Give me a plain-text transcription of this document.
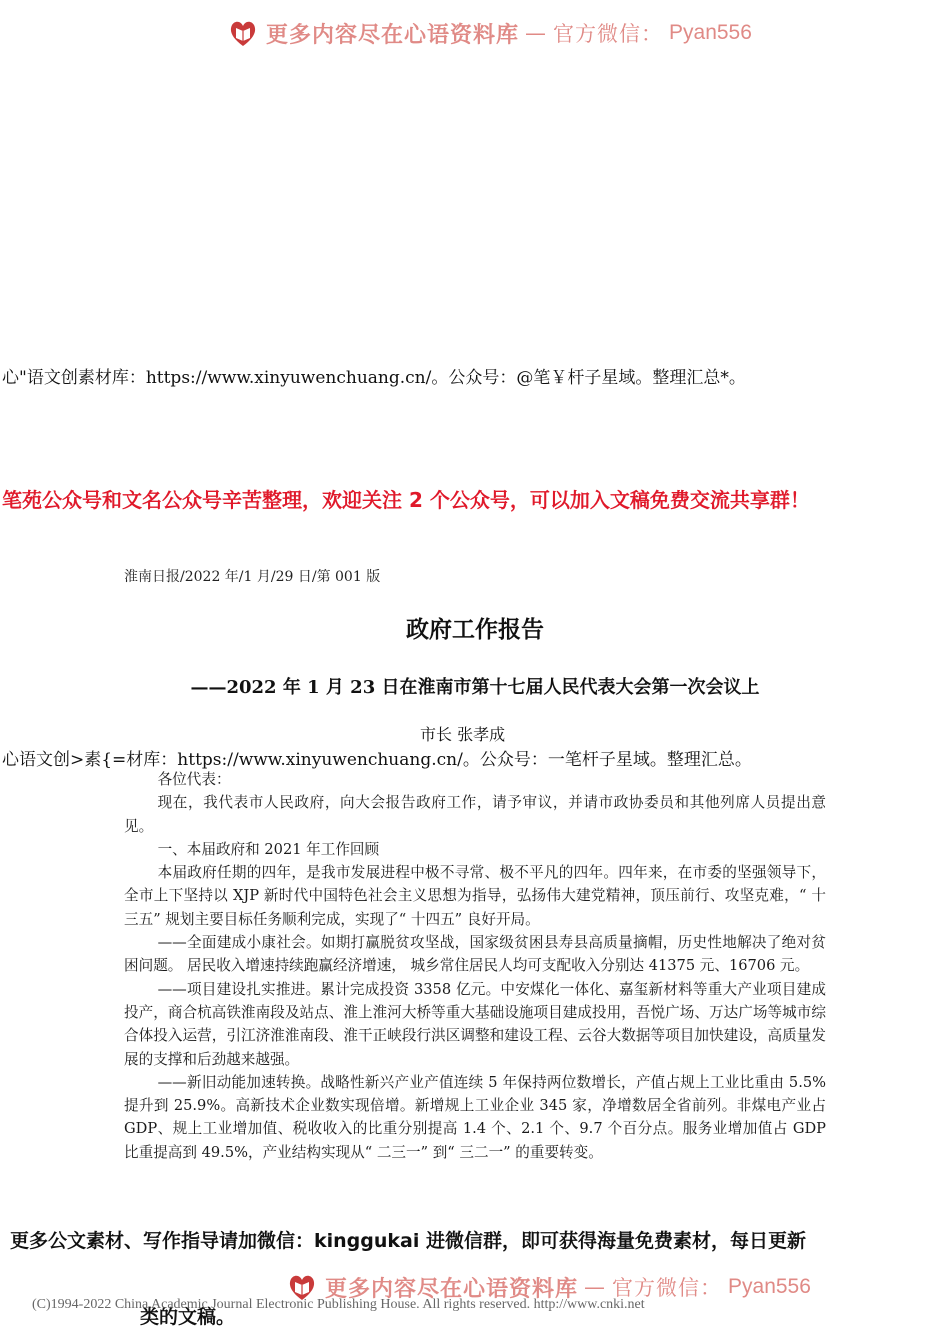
更多内容尽在心语资料库 — 官方微信： Pyan556
心"语文创素材库：https://www.xinyuwenchuang.cn/。公众号：@笔￥杆子星域。整理汇总*。
笔苑公众号和文名公众号辛苦整理，欢迎关注 2 个公众号，可以加入文稿免费交流共享群！
淮南日报/2022 年/1 月/29 日/第 001 版
政府工作报告
——2022 年 1 月 23 日在淮南市第十七届人民代表大会第一次会议上
市长 张孝成
心语文创>素{=材库：https://www.xinyuwenchuang.cn/。公众号：一笔杆子星域。整理汇总。

各位代表：

现在，我代表市人民政府，向大会报告政府工作，请予审议，并请市政协委员和其他列席人员提出意见。

一、本届政府和 2021 年工作回顾

本届政府任期的四年，是我市发展进程中极不寻常、极不平凡的四年。四年来，在市委的坚强领导下，全市上下坚持以 XJP 新时代中国特色社会主义思想为指导，弘扬伟大建党精神，顶压前行、攻坚克难，“ 十三五” 规划主要目标任务顺利完成，实现了“ 十四五” 良好开局。

——全面建成小康社会。如期打赢脱贫攻坚战，国家级贫困县寿县高质量摘帽，历史性地解决了绝对贫困问题。 居民收入增速持续跑赢经济增速， 城乡常住居民人均可支配收入分别达 41375 元、16706 元。

——项目建设扎实推进。累计完成投资 3358 亿元。中安煤化一体化、嘉玺新材料等重大产业项目建成投产，商合杭高铁淮南段及站点、淮上淮河大桥等重大基础设施项目建成投用，吾悦广场、万达广场等城市综合体投入运营，引江济淮淮南段、淮干正峡段行洪区调整和建设工程、云谷大数据等项目加快建设，高质量发展的支撑和后劲越来越强。

——新旧动能加速转换。战略性新兴产业产值连续 5 年保持两位数增长，产值占规上工业比重由 5.5%提升到 25.9%。高新技术企业数实现倍增。新增规上工业企业 345 家，净增数居全省前列。非煤电产业占 GDP、规上工业增加值、税收收入的比重分别提高 1.4 个、2.1 个、9.7 个百分点。服务业增加值占 GDP 比重提高到 49.5%，产业结构实现从“ 二三一” 到“ 三二一” 的重要转变。

更多公文素材、写作指导请加微信：kinggukai 进微信群，即可获得海量免费素材，每日更新
类的文稿。
更多内容尽在心语资料库 — 官方微信： Pyan556
(C)1994-2022 China Academic Journal Electronic Publishing House. All rights reserved. http://www.cnki.net
